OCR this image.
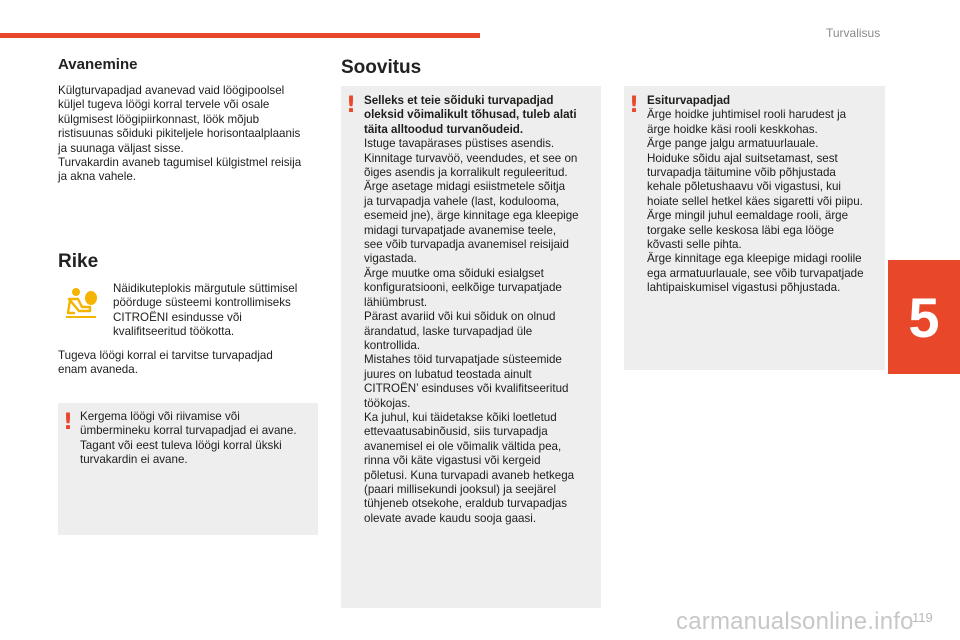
Turvalisus
5
Avanemine
Külgturvapadjad avanevad vaid löögipoolsel
küljel tugeva löögi korral tervele või osale
külgmisest löögipiirkonnast, löök mõjub
ristisuunas sõiduki pikiteljele horisontaalplaanis
ja suunaga väljast sisse.
Turvakardin avaneb tagumisel külgistmel reisija
ja akna vahele.
Rike
Näidikuteplokis märgutule süttimisel
pöörduge süsteemi kontrollimiseks
CITROËNI esindusse või
kvalifitseeritud töökotta.
Tugeva löögi korral ei tarvitse turvapadjad
enam avaneda.
! Kergema löögi või riivamise või
ümbermineku korral turvapadjad ei avane.
Tagant või eest tuleva löögi korral ükski
turvakardin ei avane.
Soovitus
! Selleks et teie sõiduki turvapadjad
oleksid võimalikult tõhusad, tuleb alati
täita alltoodud turvanõudeid.
Istuge tavapärases püstises asendis.
Kinnitage turvavöö, veendudes, et see on
õiges asendis ja korralikult reguleeritud.
Ärge asetage midagi esiistmetele sõitja
ja turvapadja vahele (last, koduloomа,
esemeid jne), ärge kinnitage ega kleepige
midagi turvapatjade avanemise teele,
see võib turvapadja avanemisel reisijaid
vigastada.
Ärge muutke oma sõiduki esialgset
konfiguratsiooni, eelkõige turvapatjade
lähiümbrust.
Pärast avariid või kui sõiduk on olnud
ärandatud, laske turvapadjad üle
kontrollida.
Mistahes töid turvapatjade süsteemide
juures on lubatud teostada ainult
CITROËN’ esinduses või kvalifitseeritud
töökojas.
Ka juhul, kui täidetakse kõiki loetletud
ettevaatusabinõusid, siis turvapadja
avanemisel ei ole võimalik vältida pea,
rinna või käte vigastusi või kergeid
põletusi. Kuna turvapadi avaneb hetkega
(paari millisekundi jooksul) ja seejärel
tühjeneb otsekohe, eraldub turvapadjas
olevate avade kaudu sooja gaasi.
! Esiturvapadjad
Ärge hoidke juhtimisel rooli harudest ja
ärge hoidke käsi rooli keskkohas.
Ärge pange jalgu armatuurlauale.
Hoiduke sõidu ajal suitsetamast, sest
turvapadja täitumine võib põhjustada
kehale põletushaavu või vigastusi, kui
hoiate sellel hetkel käes sigaretti või piipu.
Ärge mingil juhul eemaldage rooli, ärge
torgake selle keskosa läbi ega lööge
kõvasti selle pihta.
Ärge kinnitage ega kleepige midagi roolile
ega armatuurlauale, see võib turvapatjade
lahtipaiskumisel vigastusi põhjustada.
carmanualsonline.info
119
